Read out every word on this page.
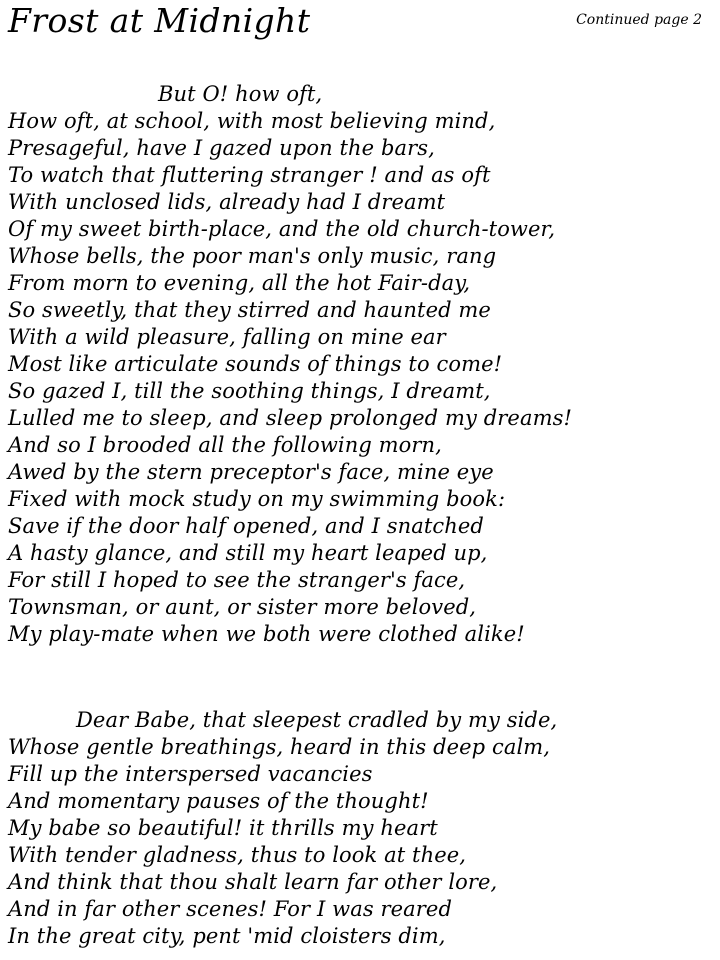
Frost at Midnight	Continued page 2
But O! how oft,
How oft, at school, with most believing mind,
Presageful, have I gazed upon the bars,
To watch that fluttering stranger ! and as oft
With unclosed lids, already had I dreamt
Of my sweet birth-place, and the old church-tower,
Whose bells, the poor man's only music, rang
From morn to evening, all the hot Fair-day,
So sweetly, that they stirred and haunted me
With a wild pleasure, falling on mine ear
Most like articulate sounds of things to come!
So gazed I, till the soothing things, I dreamt,
Lulled me to sleep, and sleep prolonged my dreams!
And so I brooded all the following morn,
Awed by the stern preceptor's face, mine eye
Fixed with mock study on my swimming book:
Save if the door half opened, and I snatched
A hasty glance, and still my heart leaped up,
For still I hoped to see the stranger's face,
Townsman, or aunt, or sister more beloved,
My play-mate when we both were clothed alike!
Dear Babe, that sleepest cradled by my side,
Whose gentle breathings, heard in this deep calm,
Fill up the interspersed vacancies
And momentary pauses of the thought!
My babe so beautiful! it thrills my heart
With tender gladness, thus to look at thee,
And think that thou shalt learn far other lore,
And in far other scenes! For I was reared
In the great city, pent 'mid cloisters dim,
